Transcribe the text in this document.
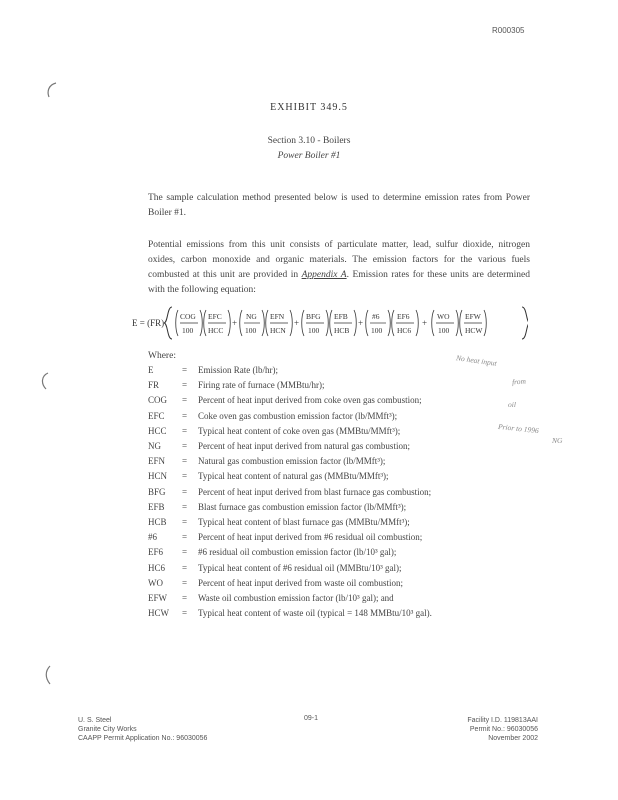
R000305
EXHIBIT 349.5
Section 3.10 - Boilers
Power Boiler #1
The sample calculation method presented below is used to determine emission rates from Power Boiler #1.
Potential emissions from this unit consists of particulate matter, lead, sulfur dioxide, nitrogen oxides, carbon monoxide and organic materials. The emission factors for the various fuels combusted at this unit are provided in Appendix A. Emission rates for these units are determined with the following equation:
E = (FR)
COG
100
EFC
HCC
+
NG
100
EFN
HCN
+
BFG
100
EFB
HCB
+
#6
100
EF6
HC6
+
WO
100
EFW
HCW
Where:
E	= Emission Rate (lb/hr);
FR	= Firing rate of furnace (MMBtu/hr);
COG	= Percent of heat input derived from coke oven gas combustion;
EFC	= Coke oven gas combustion emission factor (lb/MMft³);
HCC	= Typical heat content of coke oven gas (MMBtu/MMft³);
NG	= Percent of heat input derived from natural gas combustion;
EFN	= Natural gas combustion emission factor (lb/MMft³);
HCN	= Typical heat content of natural gas (MMBtu/MMft³);
BFG	= Percent of heat input derived from blast furnace gas combustion;
EFB	= Blast furnace gas combustion emission factor (lb/MMft³);
HCB	= Typical heat content of blast furnace gas (MMBtu/MMft³);
#6	= Percent of heat input derived from #6 residual oil combustion;
EF6	= #6 residual oil combustion emission factor (lb/10³ gal);
HC6	= Typical heat content of #6 residual oil (MMBtu/10³ gal);
WO	= Percent of heat input derived from waste oil combustion;
EFW	= Waste oil combustion emission factor (lb/10³ gal); and
HCW	= Typical heat content of waste oil (typical = 148 MMBtu/10³ gal).
No heat input
from
oil
Prior to 1996
NG
U. S. Steel
Granite City Works
CAAPP Permit Application No.: 96030056
09-1	Facility I.D. 119813AAI
Permit No.: 96030056
November 2002
